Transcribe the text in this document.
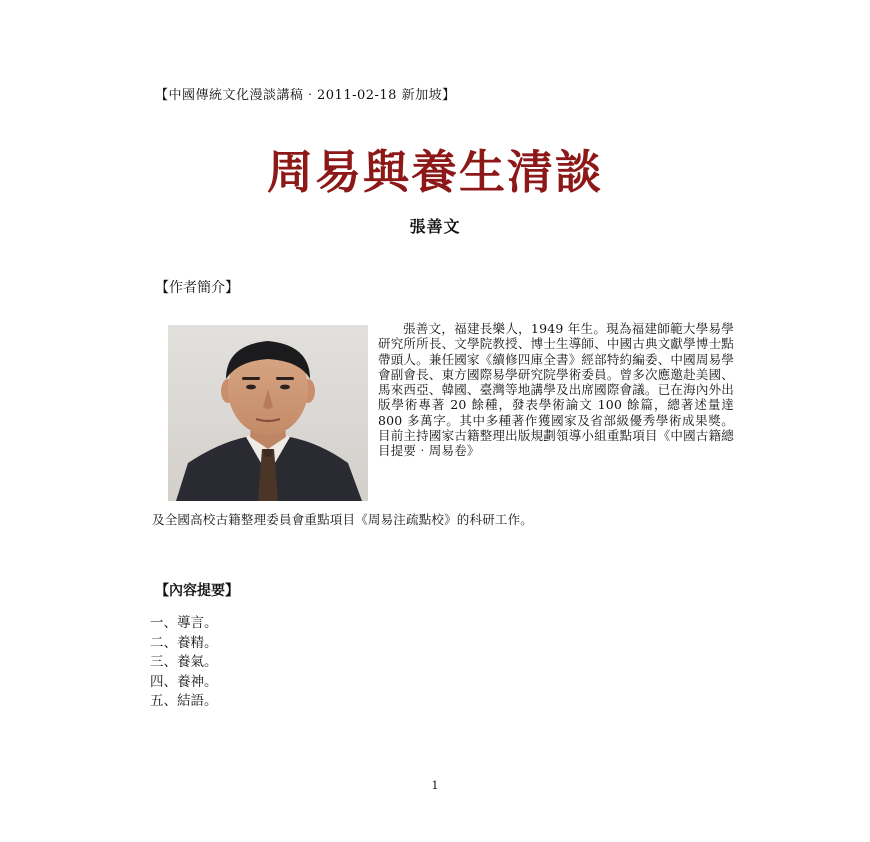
【中國傳統文化漫談講稿‧2011-02-18 新加坡】
周易與養生清談
張善文
【作者簡介】
張善文，福建長樂人，1949 年生。現為福建師範大學易學研究所所長、文學院教授、博士生導師、中國古典文獻學博士點帶頭人。兼任國家《續修四庫全書》經部特約編委、中國周易學會副會長、東方國際易學研究院學術委員。曾多次應邀赴美國、馬來西亞、韓國、臺灣等地講學及出席國際會議。已在海內外出版學術專著 20 餘種，發表學術論文 100 餘篇，總著述量達 800 多萬字。其中多種著作獲國家及省部級優秀學術成果獎。目前主持國家古籍整理出版規劃領導小組重點項目《中國古籍總目提要‧周易卷》
及全國高校古籍整理委員會重點項目《周易注疏點校》的科研工作。
【內容提要】
一、導言。
二、養精。
三、養氣。
四、養神。
五、結語。
1
